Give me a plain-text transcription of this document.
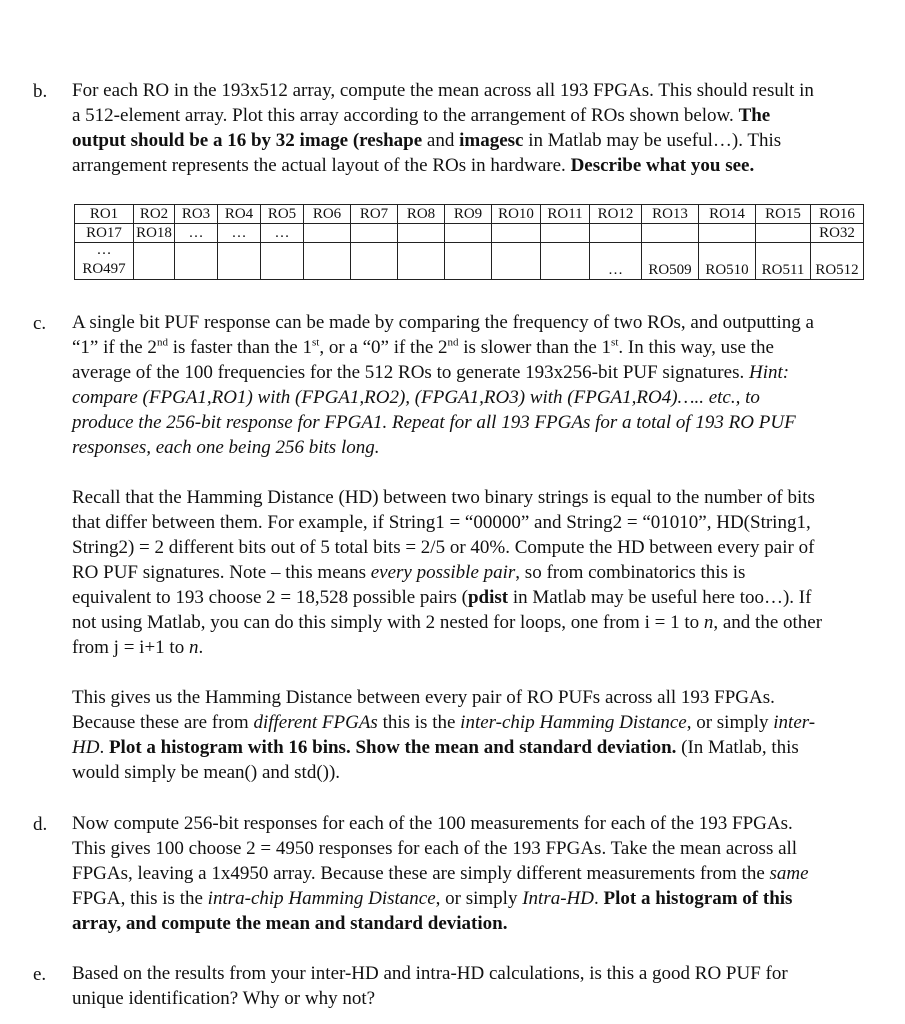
b. For each RO in the 193x512 array, compute the mean across all 193 FPGAs. This should result in
a 512-element array. Plot this array according to the arrangement of ROs shown below. The
output should be a 16 by 32 image (reshape and imagesc in Matlab may be useful…). This
arrangement represents the actual layout of the ROs in hardware. Describe what you see.
RO1	RO2	RO3	RO4	RO5	RO6	RO7	RO8	RO9	RO10	RO11	RO12	RO13	RO14	RO15	RO16
RO17	RO18	…	…	…											RO32

…
RO497											…	RO509	RO510	RO511	RO512
c. A single bit PUF response can be made by comparing the frequency of two ROs, and outputting a
“1” if the 2nd is faster than the 1st, or a “0” if the 2nd is slower than the 1st. In this way, use the
average of the 100 frequencies for the 512 ROs to generate 193x256-bit PUF signatures. Hint:
compare (FPGA1,RO1) with (FPGA1,RO2), (FPGA1,RO3) with (FPGA1,RO4)….. etc., to
produce the 256-bit response for FPGA1. Repeat for all 193 FPGAs for a total of 193 RO PUF
responses, each one being 256 bits long.
Recall that the Hamming Distance (HD) between two binary strings is equal to the number of bits
that differ between them. For example, if String1 = “00000” and String2 = “01010”, HD(String1,
String2) = 2 different bits out of 5 total bits = 2/5 or 40%. Compute the HD between every pair of
RO PUF signatures. Note – this means every possible pair, so from combinatorics this is
equivalent to 193 choose 2 = 18,528 possible pairs (pdist in Matlab may be useful here too…). If
not using Matlab, you can do this simply with 2 nested for loops, one from i = 1 to n, and the other
from j = i+1 to n.
This gives us the Hamming Distance between every pair of RO PUFs across all 193 FPGAs.
Because these are from different FPGAs this is the inter-chip Hamming Distance, or simply inter-
HD. Plot a histogram with 16 bins. Show the mean and standard deviation. (In Matlab, this
would simply be mean() and std()).
d. Now compute 256-bit responses for each of the 100 measurements for each of the 193 FPGAs.
This gives 100 choose 2 = 4950 responses for each of the 193 FPGAs. Take the mean across all
FPGAs, leaving a 1x4950 array. Because these are simply different measurements from the same
FPGA, this is the intra-chip Hamming Distance, or simply Intra-HD. Plot a histogram of this
array, and compute the mean and standard deviation.
e. Based on the results from your inter-HD and intra-HD calculations, is this a good RO PUF for
unique identification? Why or why not?
